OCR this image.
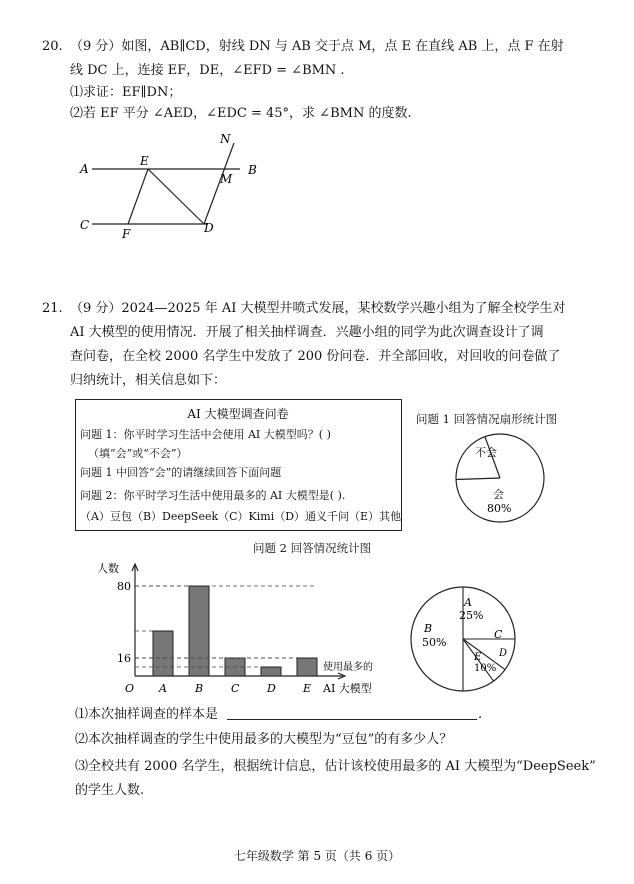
20. （9 分）如图，AB∥CD，射线 DN 与 AB 交于点 M，点 E 在直线 AB 上，点 F 在射
线 DC 上，连接 EF，DE，∠EFD = ∠BMN .
⑴求证：EF∥DN；
⑵若 EF 平分 ∠AED，∠EDC = 45°，求 ∠BMN 的度数.
A	B
C	D
E
F
M
N
21. （9 分）2024—2025 年 AI 大模型井喷式发展，某校数学兴趣小组为了解全校学生对
AI 大模型的使用情况．开展了相关抽样调查．兴趣小组的同学为此次调查设计了调
查问卷，在全校 2000 名学生中发放了 200 份问卷．并全部回收，对回收的问卷做了
归纳统计，相关信息如下：
AI 大模型调查问卷
问题 1：你平时学习生活中会使用 AI 大模型吗？( )
（填“会”或“不会”）
问题 1 中回答“会”的请继续回答下面问题
问题 2：你平时学习生活中使用最多的 AI 大模型是( ).
（A）豆包（B）DeepSeek（C）Kimi（D）通义千问（E）其他
问题 1 回答情况扇形统计图
不会
会
80%
问题 2 回答情况统计图
人数
O	AI 大模型
使用最多的
16
80
A	B	C	D E
A
25%
B
50%
C
D
E
10%
⑴本次抽样调查的样本是	.
⑵本次抽样调查的学生中使用最多的大模型为“豆包”的有多少人？
⑶全校共有 2000 名学生，根据统计信息，估计该校使用最多的 AI 大模型为“DeepSeek”
的学生人数.
七年级数学 第 5 页（共 6 页）
